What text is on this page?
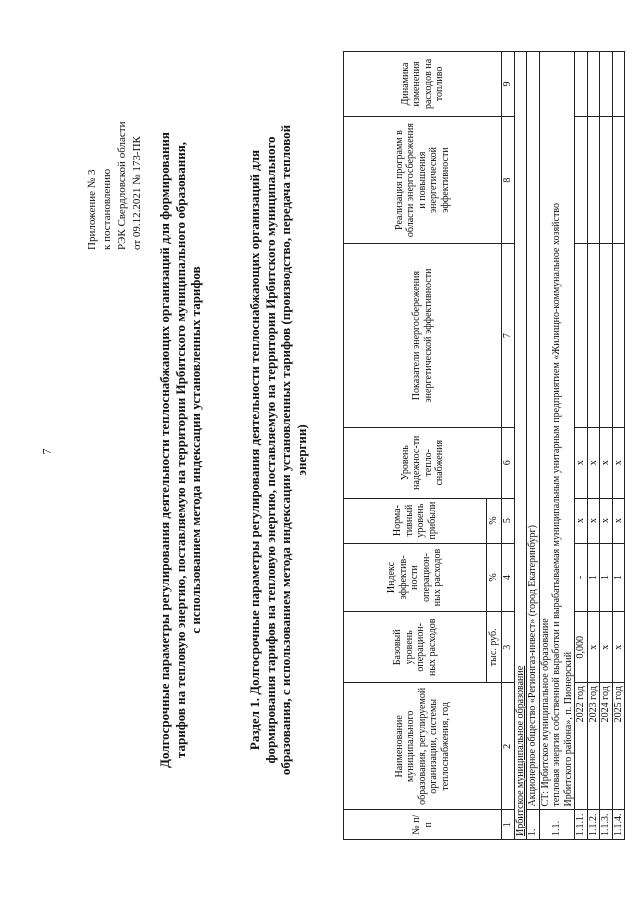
7
Приложение № 3 к постановлению РЭК Свердловской области от 09.12.2021 № 173-ПК Долгосрочные параметры регулирования деятельности теплоснабжающих организаций для формирования тарифов на тепловую энергию, поставляемую на территории Ирбитского муниципального образования, с использованием метода индексации установленных тарифов	Раздел 1. Долгосрочные параметры регулирования деятельности теплоснабжающих организаций для формирования тарифов на тепловую энергию, поставляемую на территории Ирбитского муниципального образования, с использованием метода индексации установленных тарифов (производство, передача тепловой энергии)
№ п/п	Наименование муниципального образования, регулируемой организации, системы теплоснабжения, год	Базовый уровень операцион-ных расходов	Индекс эффектив-ности операцион-ных расходов	Норма-тивный уровень прибыли	Уровень надежнос-ти тепло-снабжения	Показатели энергосбережения энергетической эффективности	Реализация программ в области энергосбережения и повышения энергетической эффективности	Динамика изменения расходов на топливо
		тыс. руб.	%	%				
1	2	3	4	5	6	7	8	9
Ирбитское муниципальное образование								
1.	Акционерное общество «Регионгаз-инвест» (город Екатеринбург)							
1.1.	СТ: Ирбитское муниципальное образование тепловая энергия собственной выработки и вырабатываемая муниципальным унитарным предприятием «Жилищно-коммунальное хозяйство Ирбитского района», п. Пионерский							

1.1.1.	2022 год	0,000	-	x	x			
1.1.2.	2023 год	x	1	x	x			
1.1.3.	2024 год	x	1	x	x			
1.1.4.	2025 год	x	1	x	x			
